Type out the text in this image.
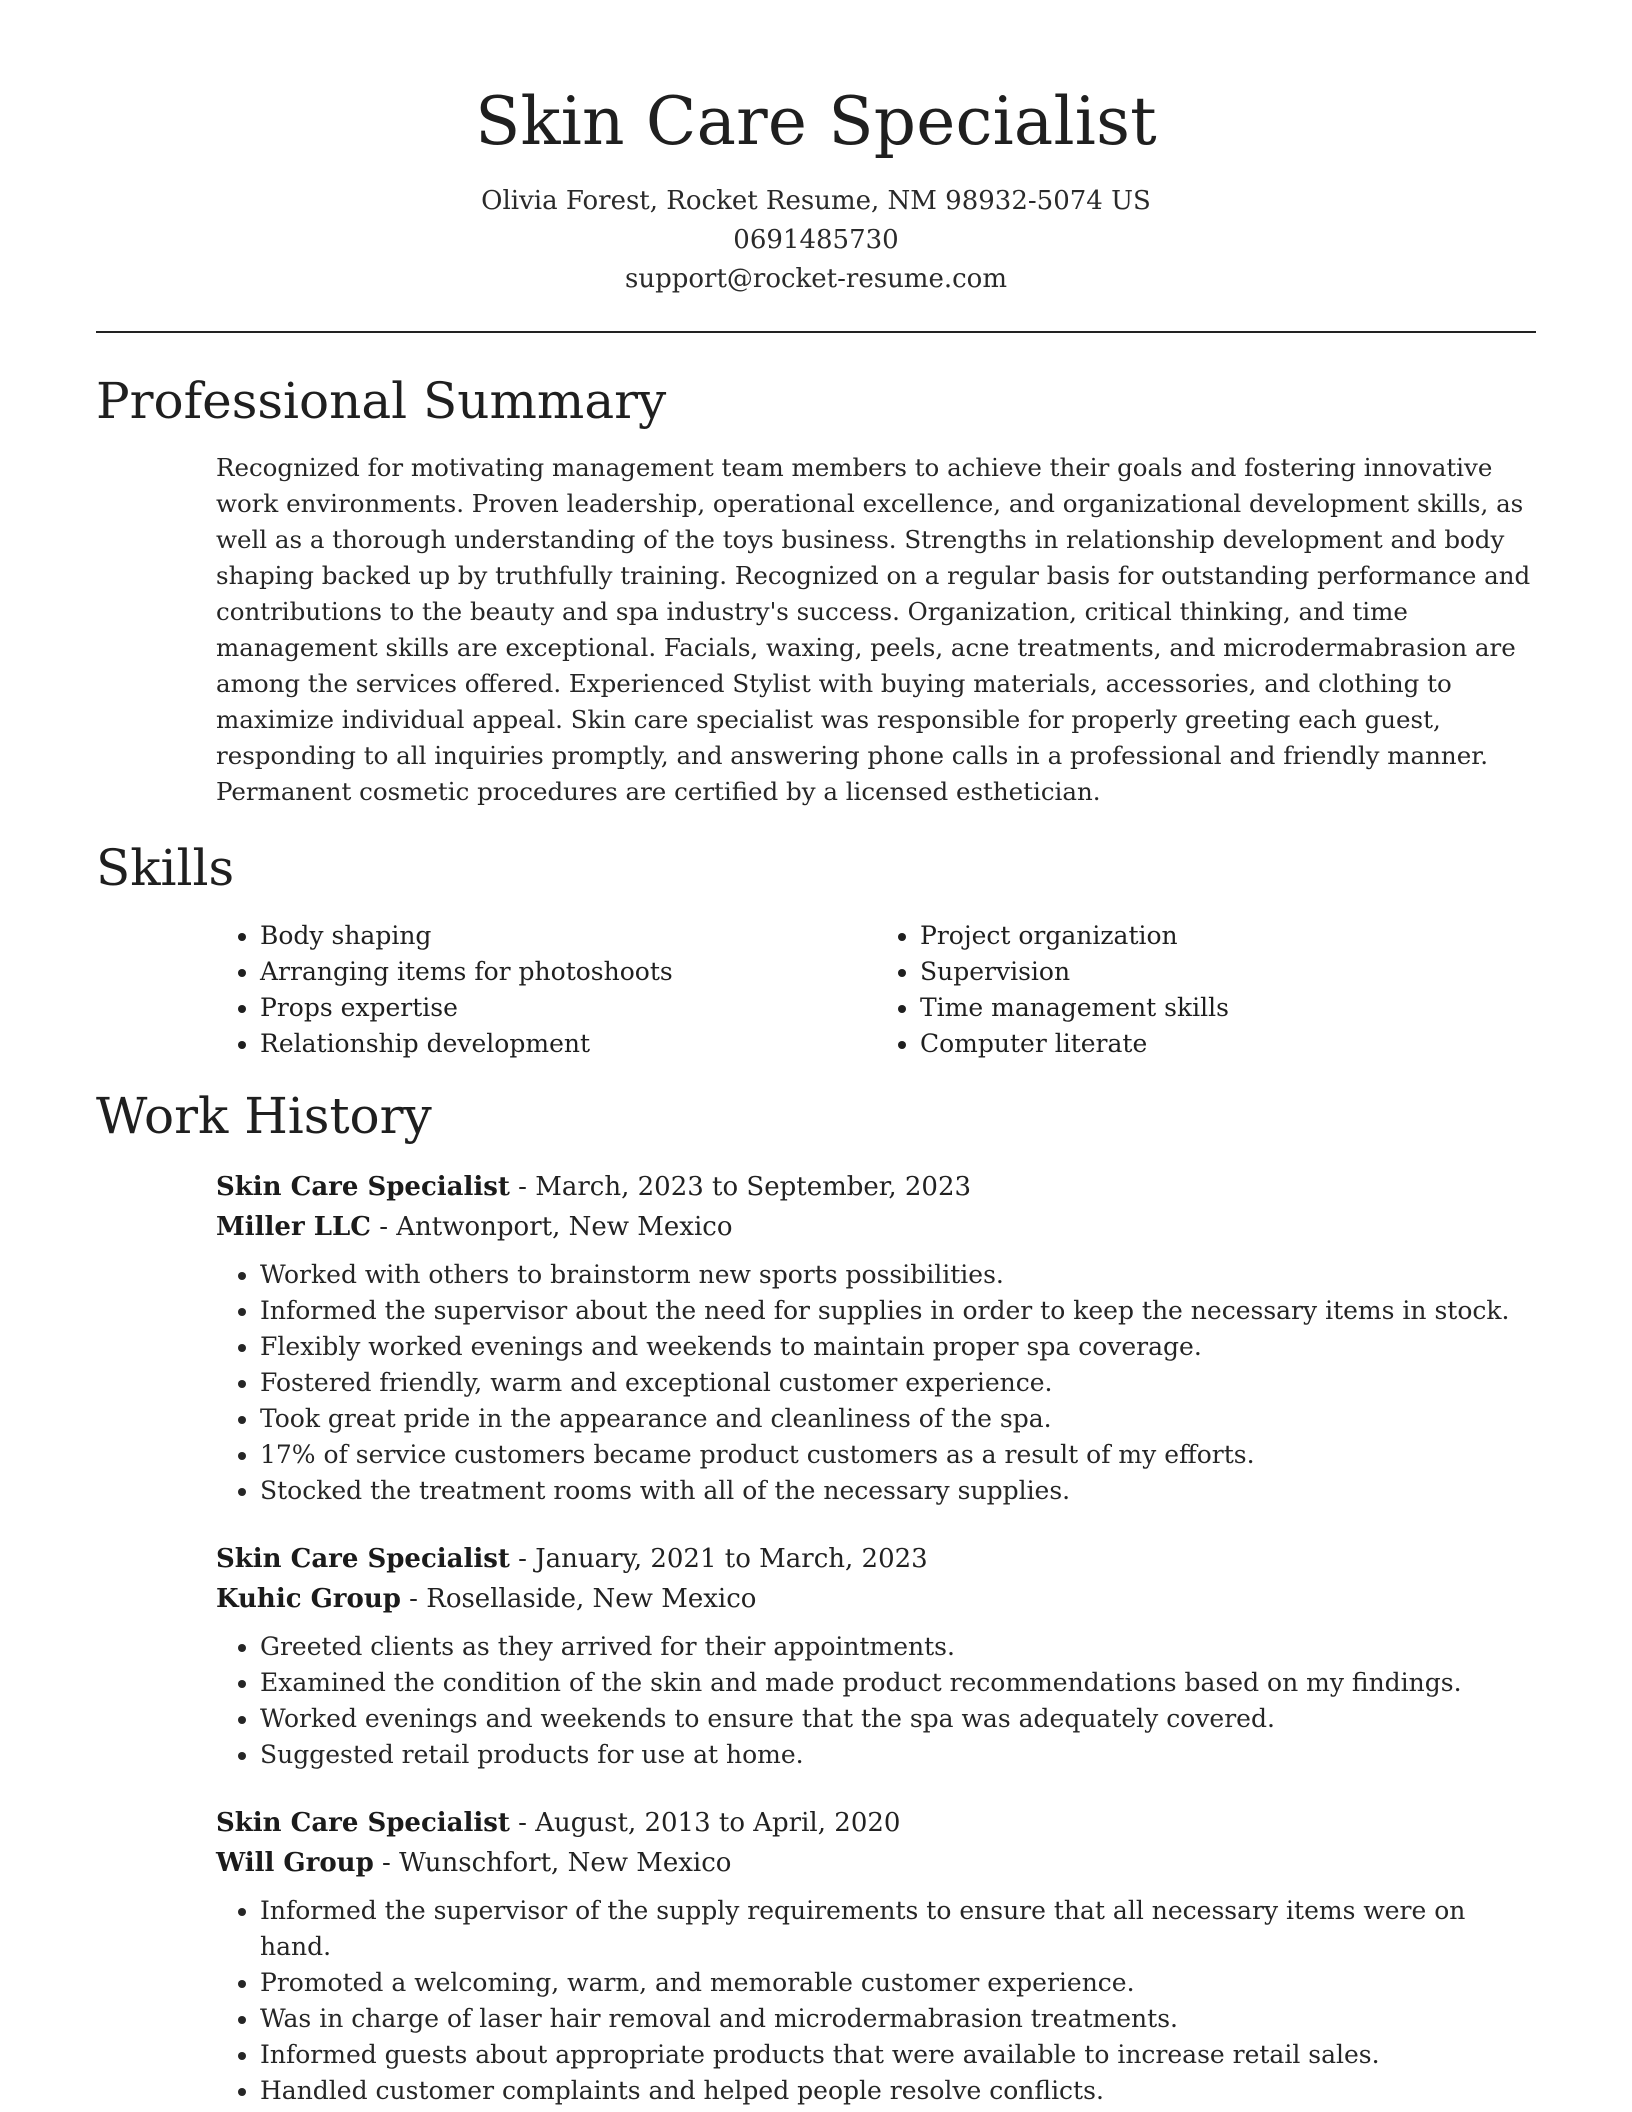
Skin Care Specialist
Olivia Forest, Rocket Resume, NM 98932-5074 US
0691485730
support@rocket-resume.com
Professional Summary

Recognized for motivating management team members to achieve their goals and fostering innovative work environments. Proven leadership, operational excellence, and organizational development skills, as well as a thorough understanding of the toys business. Strengths in relationship development and body shaping backed up by truthfully training. Recognized on a regular basis for outstanding performance and contributions to the beauty and spa industry's success. Organization, critical thinking, and time management skills are exceptional. Facials, waxing, peels, acne treatments, and microdermabrasion are among the services offered. Experienced Stylist with buying materials, accessories, and clothing to maximize individual appeal. Skin care specialist was responsible for properly greeting each guest, responding to all inquiries promptly, and answering phone calls in a professional and friendly manner. Permanent cosmetic procedures are certified by a licensed esthetician.

Skills
• Body shaping
• Arranging items for photoshoots
• Props expertise
• Relationship development
• Project organization
• Supervision
• Time management skills
• Computer literate
Work History
Skin Care Specialist - March, 2023 to September, 2023
Miller LLC - Antwonport, New Mexico
• Worked with others to brainstorm new sports possibilities.
• Informed the supervisor about the need for supplies in order to keep the necessary items in stock.
• Flexibly worked evenings and weekends to maintain proper spa coverage.
• Fostered friendly, warm and exceptional customer experience.
• Took great pride in the appearance and cleanliness of the spa.
• 17% of service customers became product customers as a result of my efforts.
• Stocked the treatment rooms with all of the necessary supplies.
Skin Care Specialist - January, 2021 to March, 2023
Kuhic Group - Rosellaside, New Mexico
• Greeted clients as they arrived for their appointments.
• Examined the condition of the skin and made product recommendations based on my findings.
• Worked evenings and weekends to ensure that the spa was adequately covered.
• Suggested retail products for use at home.
Skin Care Specialist - August, 2013 to April, 2020
Will Group - Wunschfort, New Mexico
• Informed the supervisor of the supply requirements to ensure that all necessary items were on hand.
• Promoted a welcoming, warm, and memorable customer experience.
• Was in charge of laser hair removal and microdermabrasion treatments.
• Informed guests about appropriate products that were available to increase retail sales.
• Handled customer complaints and helped people resolve conflicts.
